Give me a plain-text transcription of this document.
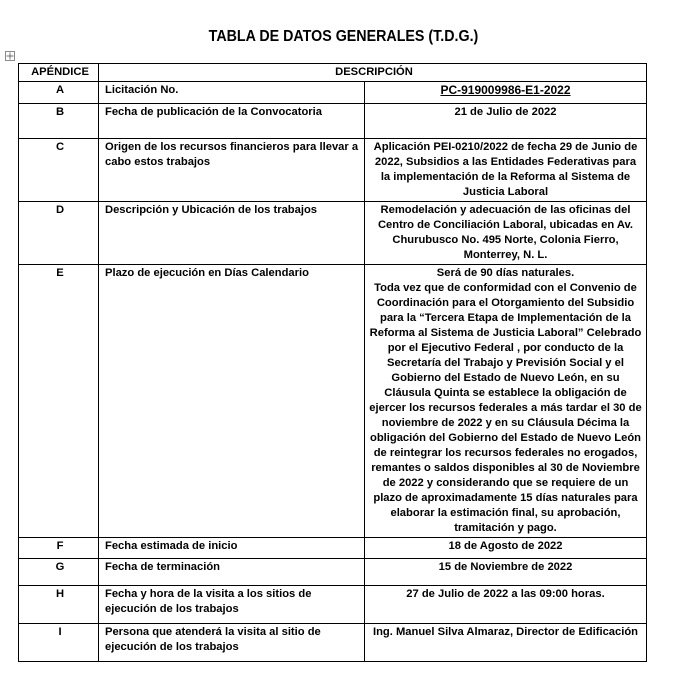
TABLA DE DATOS GENERALES (T.D.G.)
APÉNDICE	DESCRIPCIÓN	
A	Licitación No.	PC-919009986-E1-2022
B	Fecha de publicación de la Convocatoria	21 de Julio de 2022
C	Origen de los recursos financieros para llevar a cabo estos trabajos	Aplicación PEI-0210/2022 de fecha 29 de Junio de 2022, Subsidios a las Entidades Federativas para la implementación de la Reforma al Sistema de Justicia Laboral
D	Descripción y Ubicación de los trabajos	Remodelación y adecuación de las oficinas del Centro de Conciliación Laboral, ubicadas en Av. Churubusco No. 495 Norte, Colonia Fierro, Monterrey, N. L.
E	Plazo de ejecución en Días Calendario	Será de 90 días naturales.
Toda vez que de conformidad con el Convenio de Coordinación para el Otorgamiento del Subsidio para la “Tercera Etapa de Implementación de la Reforma al Sistema de Justicia Laboral” Celebrado por el Ejecutivo Federal , por conducto de la Secretaría del Trabajo y Previsión Social y el Gobierno del Estado de Nuevo León, en su Cláusula Quinta se establece la obligación de ejercer los recursos federales a más tardar el 30 de noviembre de 2022 y en su Cláusula Décima la obligación del Gobierno del Estado de Nuevo León de reintegrar los recursos federales no erogados, remantes o saldos disponibles al 30 de Noviembre de 2022 y considerando que se requiere de un plazo de aproximadamente 15 días naturales para elaborar la estimación final, su aprobación, tramitación y pago.

F	Fecha estimada de inicio	18 de Agosto de 2022
G	Fecha de terminación	15 de Noviembre de 2022
H	Fecha y hora de la visita a los sitios de ejecución de los trabajos	27 de Julio de 2022 a las 09:00 horas.
I	Persona que atenderá la visita al sitio de ejecución de los trabajos	Ing. Manuel Silva Almaraz, Director de Edificación
